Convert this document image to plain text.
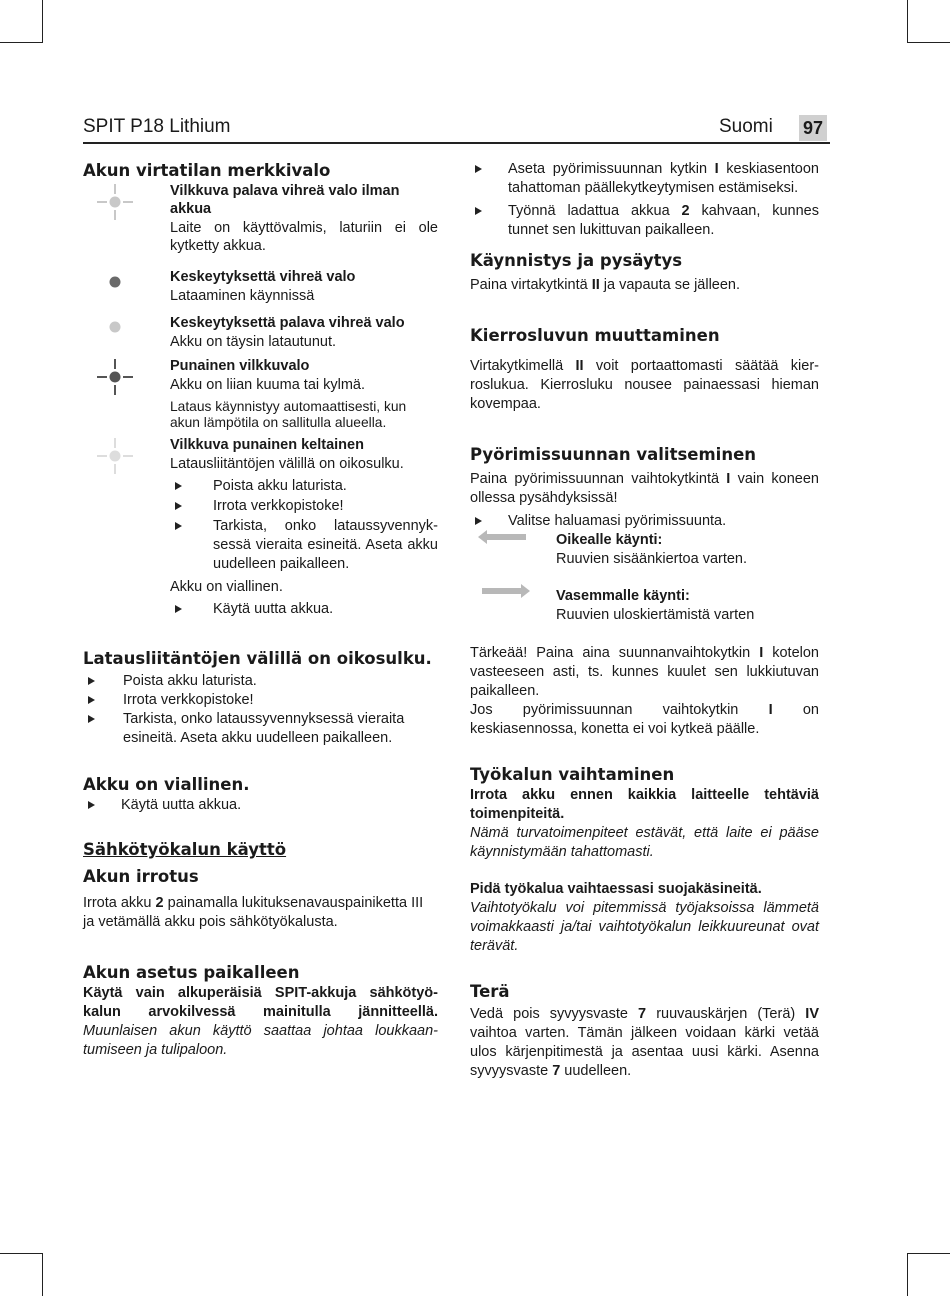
SPIT P18 Lithium	Suomi 97
Akun virtatilan merkkivalo

Vilkkuva palava vihreä valo ilman akkua

Laite on käyttövalmis, laturiin ei ole kytketty akkua.

Keskeytyksettä vihreä valo

Lataaminen käynnissä

Keskeytyksettä palava vihreä valo

Akku on täysin latautunut.

Punainen vilkkuvalo

Akku on liian kuuma tai kylmä.

Lataus käynnistyy automaattisesti, kun akun lämpötila on sallitulla alueella.

Vilkkuva punainen keltainen

Latausliitäntöjen välillä on oikosulku.

Poista akku laturista.

Irrota verkkopistoke!

Tarkista, onko lataussyvennyk- sessä vieraita esineitä. Aseta akku uudelleen paikalleen.

Akku on viallinen.

Käytä uutta akkua.

Latausliitäntöjen välillä on oikosulku.

Poista akku laturista.

Irrota verkkopistoke!

Tarkista, onko lataussyvennyksessä vieraita esineitä. Aseta akku uudelleen paikalleen.

Akku on viallinen.

Käytä uutta akkua.

Sähkötyökalun käyttö
Akun irrotus

Irrota akku 2 painamalla lukituksenavauspainiketta III ja vetämällä akku pois sähkötyökalusta.

Akun asetus paikalleen

Käytä vain alkuperäisiä SPIT-akkuja sähkötyö- kalun arvokilvessä mainitulla jännitteellä. Muunlaisen akun käyttö saattaa johtaa loukkaan- tumiseen ja tulipaloon.

Aseta pyörimissuunnan kytkin I keskiasentoon tahattoman päällekytkeytymisen estämiseksi.

Työnnä ladattua akkua 2 kahvaan, kunnes tunnet sen lukittuvan paikalleen.

Käynnistys ja pysäytys

Paina virtakytkintä II ja vapauta se jälleen.

Kierrosluvun muuttaminen

Virtakytkimellä II voit portaattomasti säätää kier- roslukua. Kierrosluku nousee painaessasi hieman kovempaa.

Pyörimissuunnan valitseminen

Paina pyörimissuunnan vaihtokytkintä I vain koneen ollessa pysähdyksissä!

Valitse haluamasi pyörimissuunta.

Oikealle käynti:

Ruuvien sisäänkiertoa varten.

Vasemmalle käynti:

Ruuvien uloskiertämistä varten

Tärkeää! Paina aina suunnanvaihtokytkin I kotelon vasteeseen asti, ts. kunnes kuulet sen lukkiutuvan paikalleen.

Jos pyörimissuunnan vaihtokytkin I on keskiasennossa, konetta ei voi kytkeä päälle.

Työkalun vaihtaminen

Irrota akku ennen kaikkia laitteelle tehtäviä toimenpiteitä.

Nämä turvatoimenpiteet estävät, että laite ei pääse käynnistymään tahattomasti.

Pidä työkalua vaihtaessasi suojakäsineitä.

Vaihtotyökalu voi pitemmissä työjaksoissa lämmetä voimakkaasti ja/tai vaihtotyökalun leikkuureunat ovat terävät.

Terä

Vedä pois syvyysvaste 7 ruuvauskärjen (Terä) IV vaihtoa varten. Tämän jälkeen voidaan kärki vetää ulos kärjenpitimestä ja asentaa uusi kärki. Asenna syvyysvaste 7 uudelleen.
